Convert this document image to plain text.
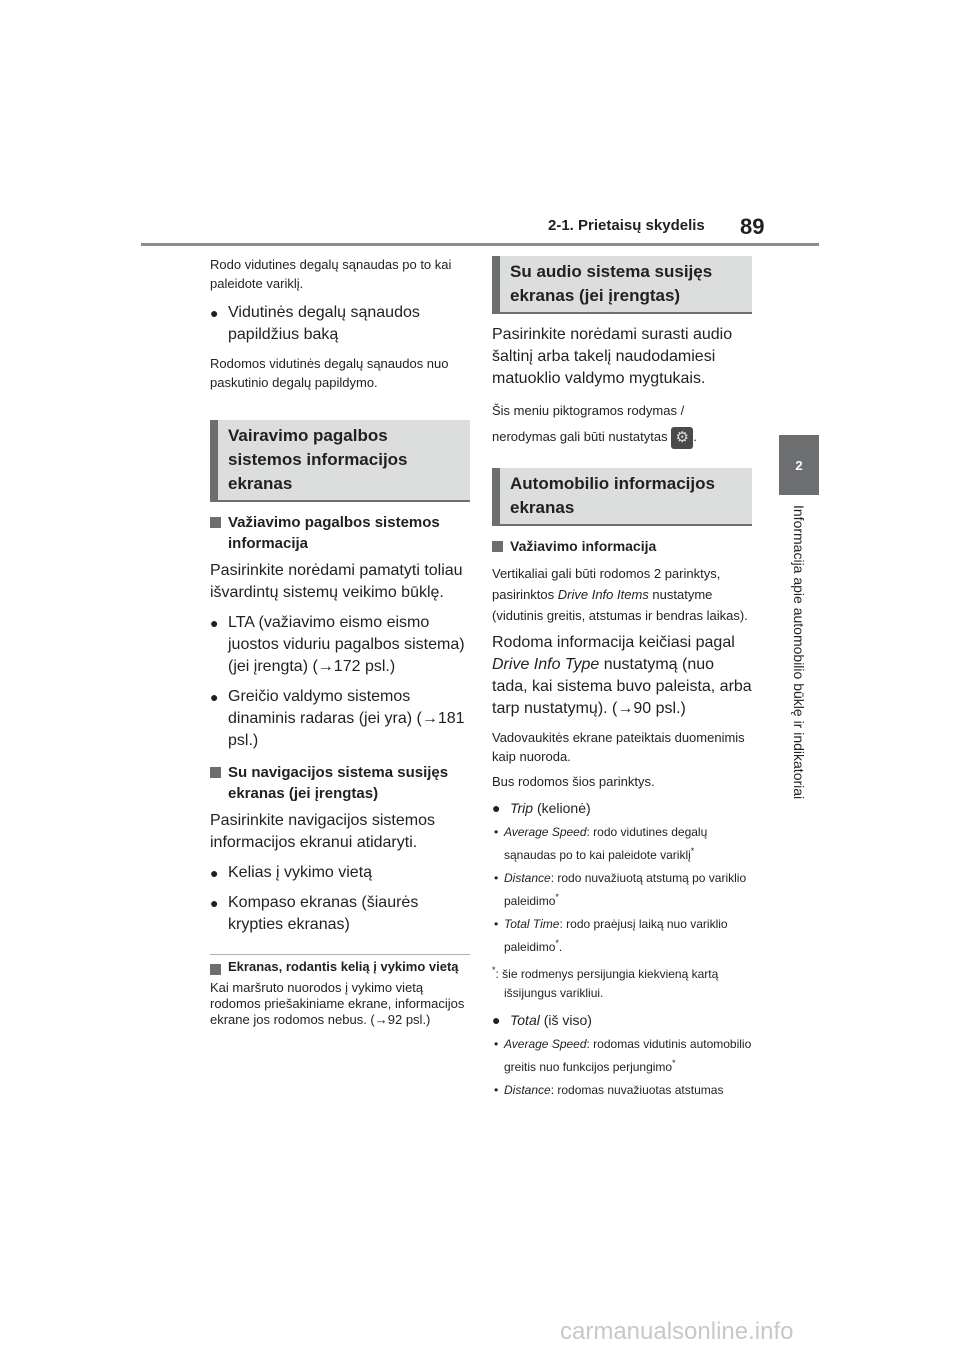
2-1. Prietaisų skydelis 89
2
Informacija apie automobilio būklę ir indikatoriai

Rodo vidutines degalų sąnaudas po to kai paleidote variklį.

● Vidutinės degalų sąnaudos papildžius baką

Rodomos vidutinės degalų sąnaudos nuo paskutinio degalų papildymo.

Vairavimo pagalbos sistemos informacijos ekranas

Važiavimo pagalbos sistemos informacija

Pasirinkite norėdami pamatyti toliau išvardintų sistemų veikimo būklę.

● LTA (važiavimo eismo eismo juostos viduriu pagalbos sistema) (jei įrengta) (→172 psl.)

● Greičio valdymo sistemos dinaminis radaras (jei yra) (→181 psl.)

Su navigacijos sistema susijęs ekranas (jei įrengtas)

Pasirinkite navigacijos sistemos informacijos ekranui atidaryti.

● Kelias į vykimo vietą

● Kompaso ekranas (šiaurės krypties ekranas)

Ekranas, rodantis kelią į vykimo vietą

Kai maršruto nuorodos į vykimo vietą rodomos priešakiniame ekrane, informacijos ekrane jos rodomos nebus. (→92 psl.)

Su audio sistema susijęs ekranas (jei įrengtas)

Pasirinkite norėdami surasti audio šaltinį arba takelį naudodamiesi matuoklio valdymo mygtukais.

Šis meniu piktogramos rodymas / nerodymas gali būti nustatytas ⚙ .

Automobilio informacijos ekranas

Važiavimo informacija

Vertikaliai gali būti rodomos 2 parinktys, pasirinktos Drive Info Items nustatyme (vidutinis greitis, atstumas ir bendras laikas).

Rodoma informacija keičiasi pagal Drive Info Type nustatymą (nuo tada, kai sistema buvo paleista, arba tarp nustatymų). (→90 psl.)

Vadovaukitės ekrane pateiktais duomenimis kaip nuoroda.

Bus rodomos šios parinktys.

● Trip (kelionė)

• Average Speed: rodo vidutines degalų sąnaudas po to kai paleidote variklį*

• Distance: rodo nuvažiuotą atstumą po variklio paleidimo*

• Total Time: rodo praėjusį laiką nuo variklio paleidimo*.

*: šie rodmenys persijungia kiekvieną kartą išsijungus varikliui.

● Total (iš viso)

• Average Speed: rodomas vidutinis automobilio greitis nuo funkcijos perjungimo*

• Distance: rodomas nuvažiuotas atstumas

carmanualsonline.info
